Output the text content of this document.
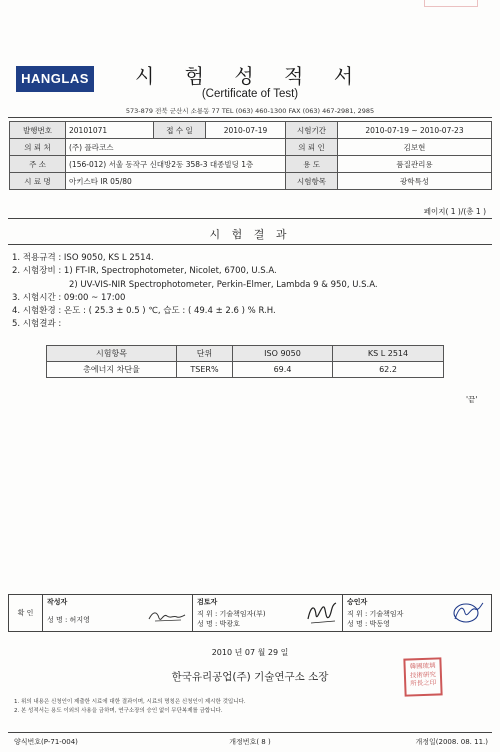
HANGLAS	시 험 성 적 서
(Certificate of Test)
573-879 전북 군산시 소룡동 77 TEL (063) 460-1300 FAX (063) 467-2981, 2985
발행번호	20101071	접 수 일	2010-07-19	시험기간	2010-07-19 ~ 2010-07-23
의 뢰 처	(주) 플라코스			의 뢰 인	김보현
주 소	(156-012) 서울 동작구 신대방2동 358-3 대종빌딩 1층			용 도	품질관리용
시 료 명	아키스타 IR 05/80			시험항목	광학특성
페이지( 1 )/(총 1 )
시 험 결 과
1. 적용규격 : ISO 9050, KS L 2514.
2. 시험장비 : 1) FT-IR, Spectrophotometer, Nicolet, 6700, U.S.A.
2) UV-VIS-NIR Spectrophotometer, Perkin-Elmer, Lambda 9 & 950, U.S.A.
3. 시험시간 : 09:00 ~ 17:00
4. 시험환경 : 온도 : ( 25.3 ± 0.5 ) ℃, 습도 : ( 49.4 ± 2.6 ) % R.H.
5. 시험결과 :
시험항목	단위	ISO 9050	KS L 2514
총에너지 차단율	TSER%	69.4	62.2
'끝'
확 인	
작성자
성 명 : 허지영

검토자
직 위 : 기술책임자(부)
성 명 : 박광호

승인자
직 위 : 기술책임자
성 명 : 박동영
2010 년 07 월 29 일
한국유리공업(주) 기술연구소 소장
韓國琉璃
技術硏究
所長之印
1. 위의 내용은 신청인이 제출한 시료에 대한 결과이며, 시료의 명칭은 신청인이 제시한 것입니다.
2. 본 성적서는 용도 이외의 사용을 금하며, 연구소장의 승인 없이 무단복제를 금합니다.
양식번호(P-71-004)	개정번호( 8 )	개정일(2008. 08. 11.)
